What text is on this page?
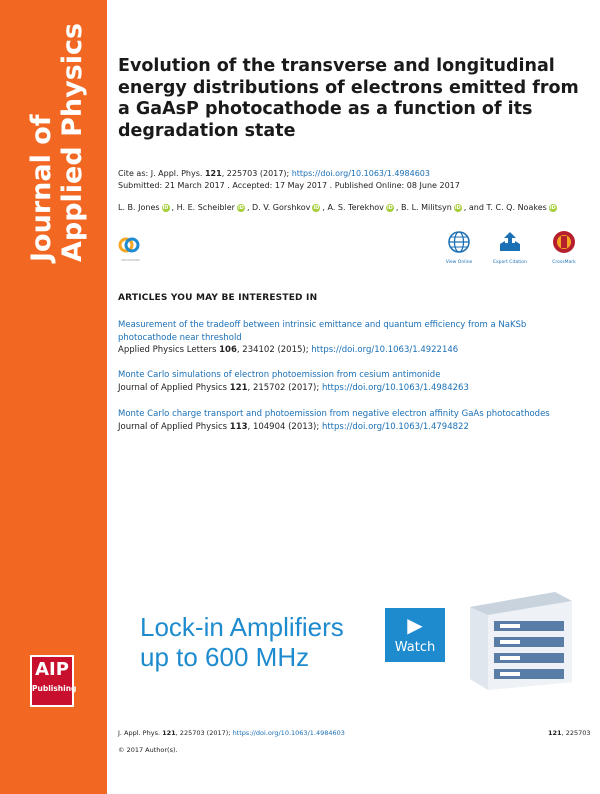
Journal of Applied Physics
AIP
Publishing
Evolution of the transverse and longitudinal energy distributions of electrons emitted from a GaAsP photocathode as a function of its degradation state
Cite as: J. Appl. Phys. 121, 225703 (2017); https://doi.org/10.1063/1.4984603
Submitted: 21 March 2017 . Accepted: 17 May 2017 . Published Online: 08 June 2017
L. B. Jones iD , H. E. Scheibler iD , D. V. Gorshkov iD , A. S. Terekhov iD , B. L. Militsyn iD , and T. C. Q. Noakes iD
CROSSMARK	View Online	Export Citation	CrossMark
ARTICLES YOU MAY BE INTERESTED IN
Measurement of the tradeoff between intrinsic emittance and quantum efficiency from a NaKSb photocathode near threshold
Applied Physics Letters 106, 234102 (2015); https://doi.org/10.1063/1.4922146
Monte Carlo simulations of electron photoemission from cesium antimonide
Journal of Applied Physics 121, 215702 (2017); https://doi.org/10.1063/1.4984263
Monte Carlo charge transport and photoemission from negative electron affinity GaAs photocathodes
Journal of Applied Physics 113, 104904 (2013); https://doi.org/10.1063/1.4794822
Lock-in Amplifiers
up to 600 MHz
▶
Watch
J. Appl. Phys. 121, 225703 (2017); https://doi.org/10.1063/1.4984603	121, 225703
© 2017 Author(s).
